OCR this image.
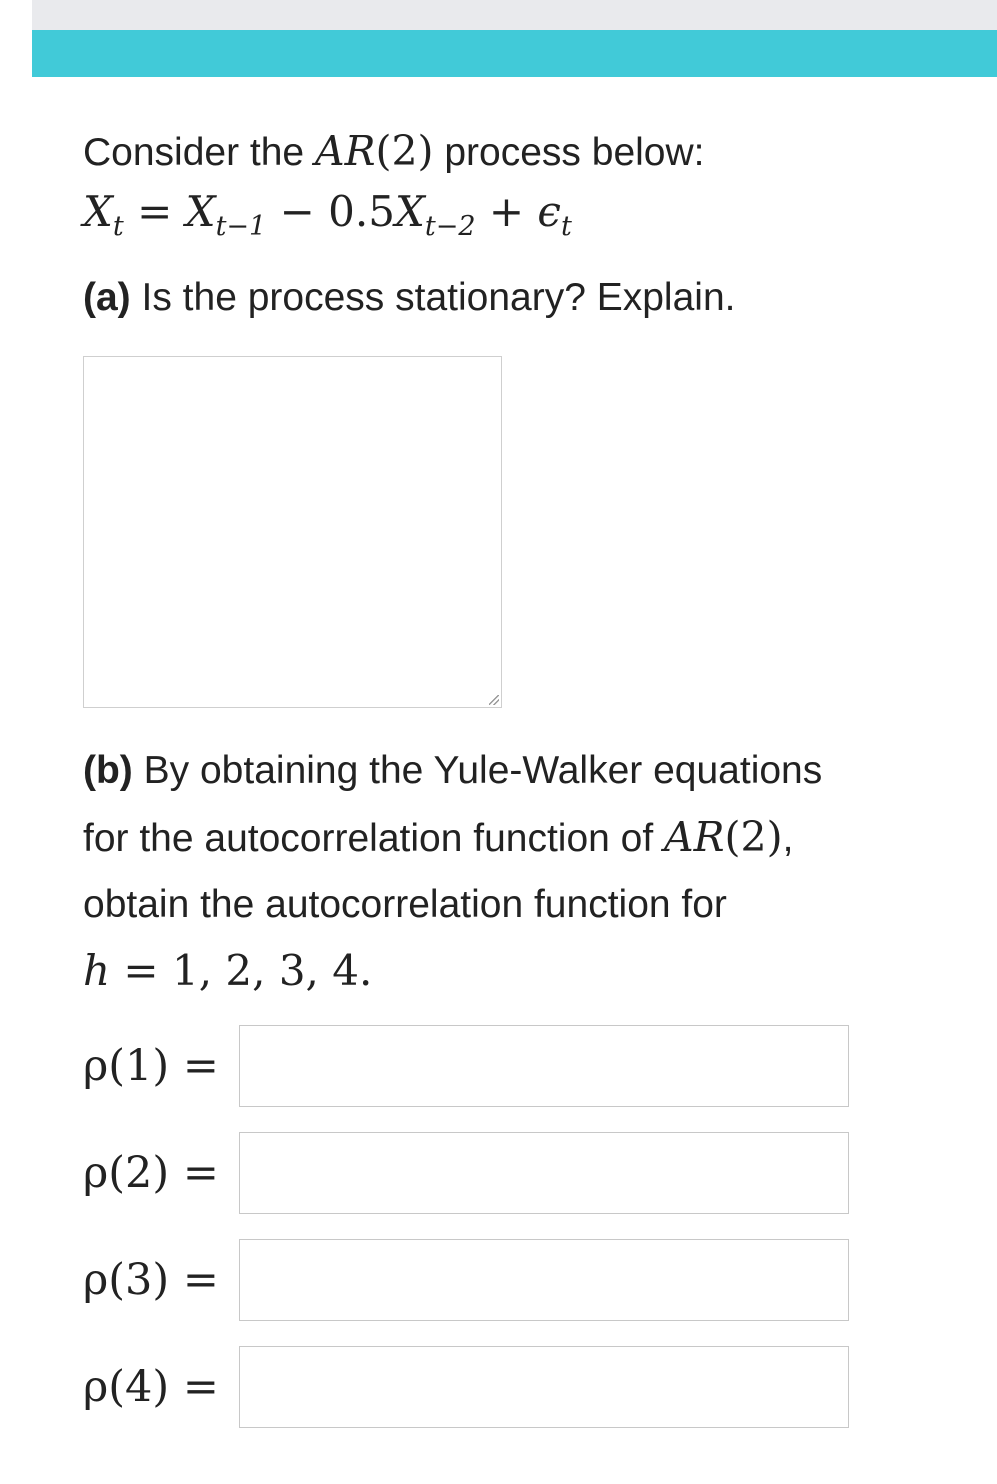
Consider the AR(2) process below:

$X_t = X_{t-1} - 0.5X_{t-2} + \epsilon_t$

(a) Is the process stationary? Explain.

(b) By obtaining the Yule-Walker equations

for the autocorrelation function of AR(2),

obtain the autocorrelation function for

h = 1, 2, 3, 4.

ρ(1) =
ρ(2) =
ρ(3) =
ρ(4) =
